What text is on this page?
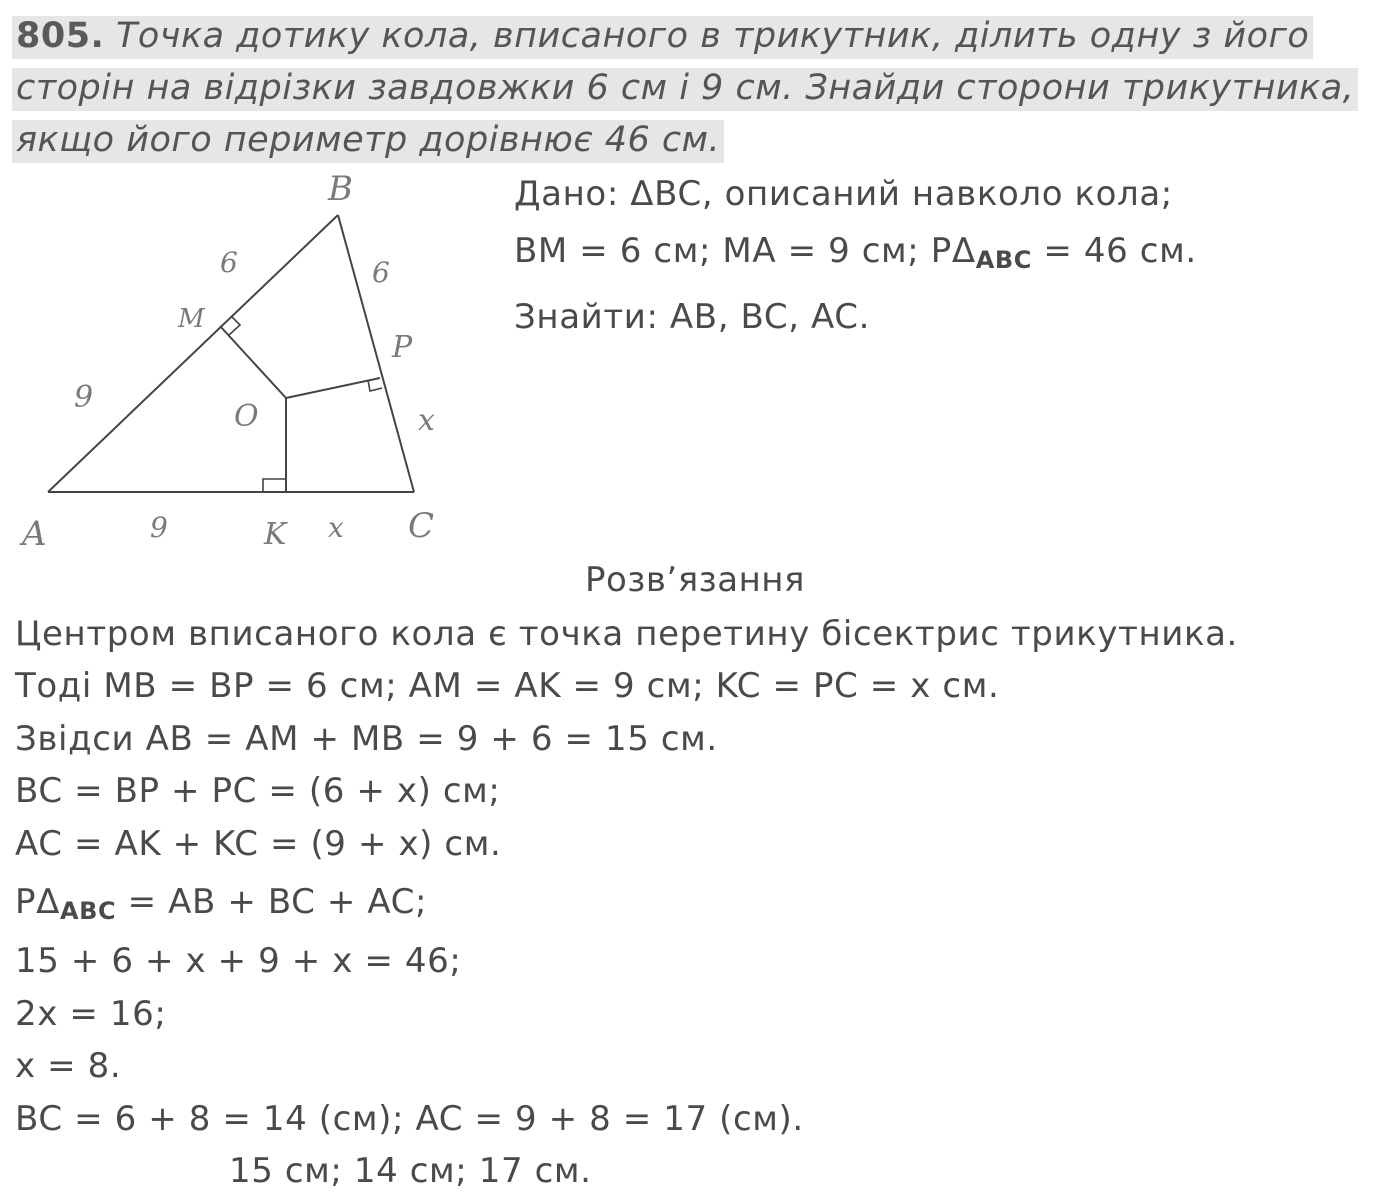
805. Точка дотику кола, вписаного в трикутник, ділить одну з його сторін на відрізки завдовжки 6 см і 9 см. Знайди сторони трикутника, якщо його периметр дорівнює 46 см.
B
A	C
M
P
K
O
6	6
9
9
x
x
Дано: ΔBC, описаний навколо кола;
BM = 6 см; MA = 9 см; $P\Delta_{ABC} = 46$ см.
Знайти: AB, BC, AC.
Розв’язання
Центром вписаного кола є точка перетину бісектрис трикутника.
Тоді MB = BP = 6 см; AM = AK = 9 см; KC = PC = x см.
Звідси AB = AM + MB = 9 + 6 = 15 см.
BC = BP + PC = (6 + x) см;
AC = AK + KC = (9 + x) см.
$P\Delta_{ABC}$ = AB + BC + AC;
15 + 6 + x + 9 + x = 46;
2x = 16;
x = 8.
BC = 6 + 8 = 14 (см); AC = 9 + 8 = 17 (см).
15 см; 14 см; 17 см.
